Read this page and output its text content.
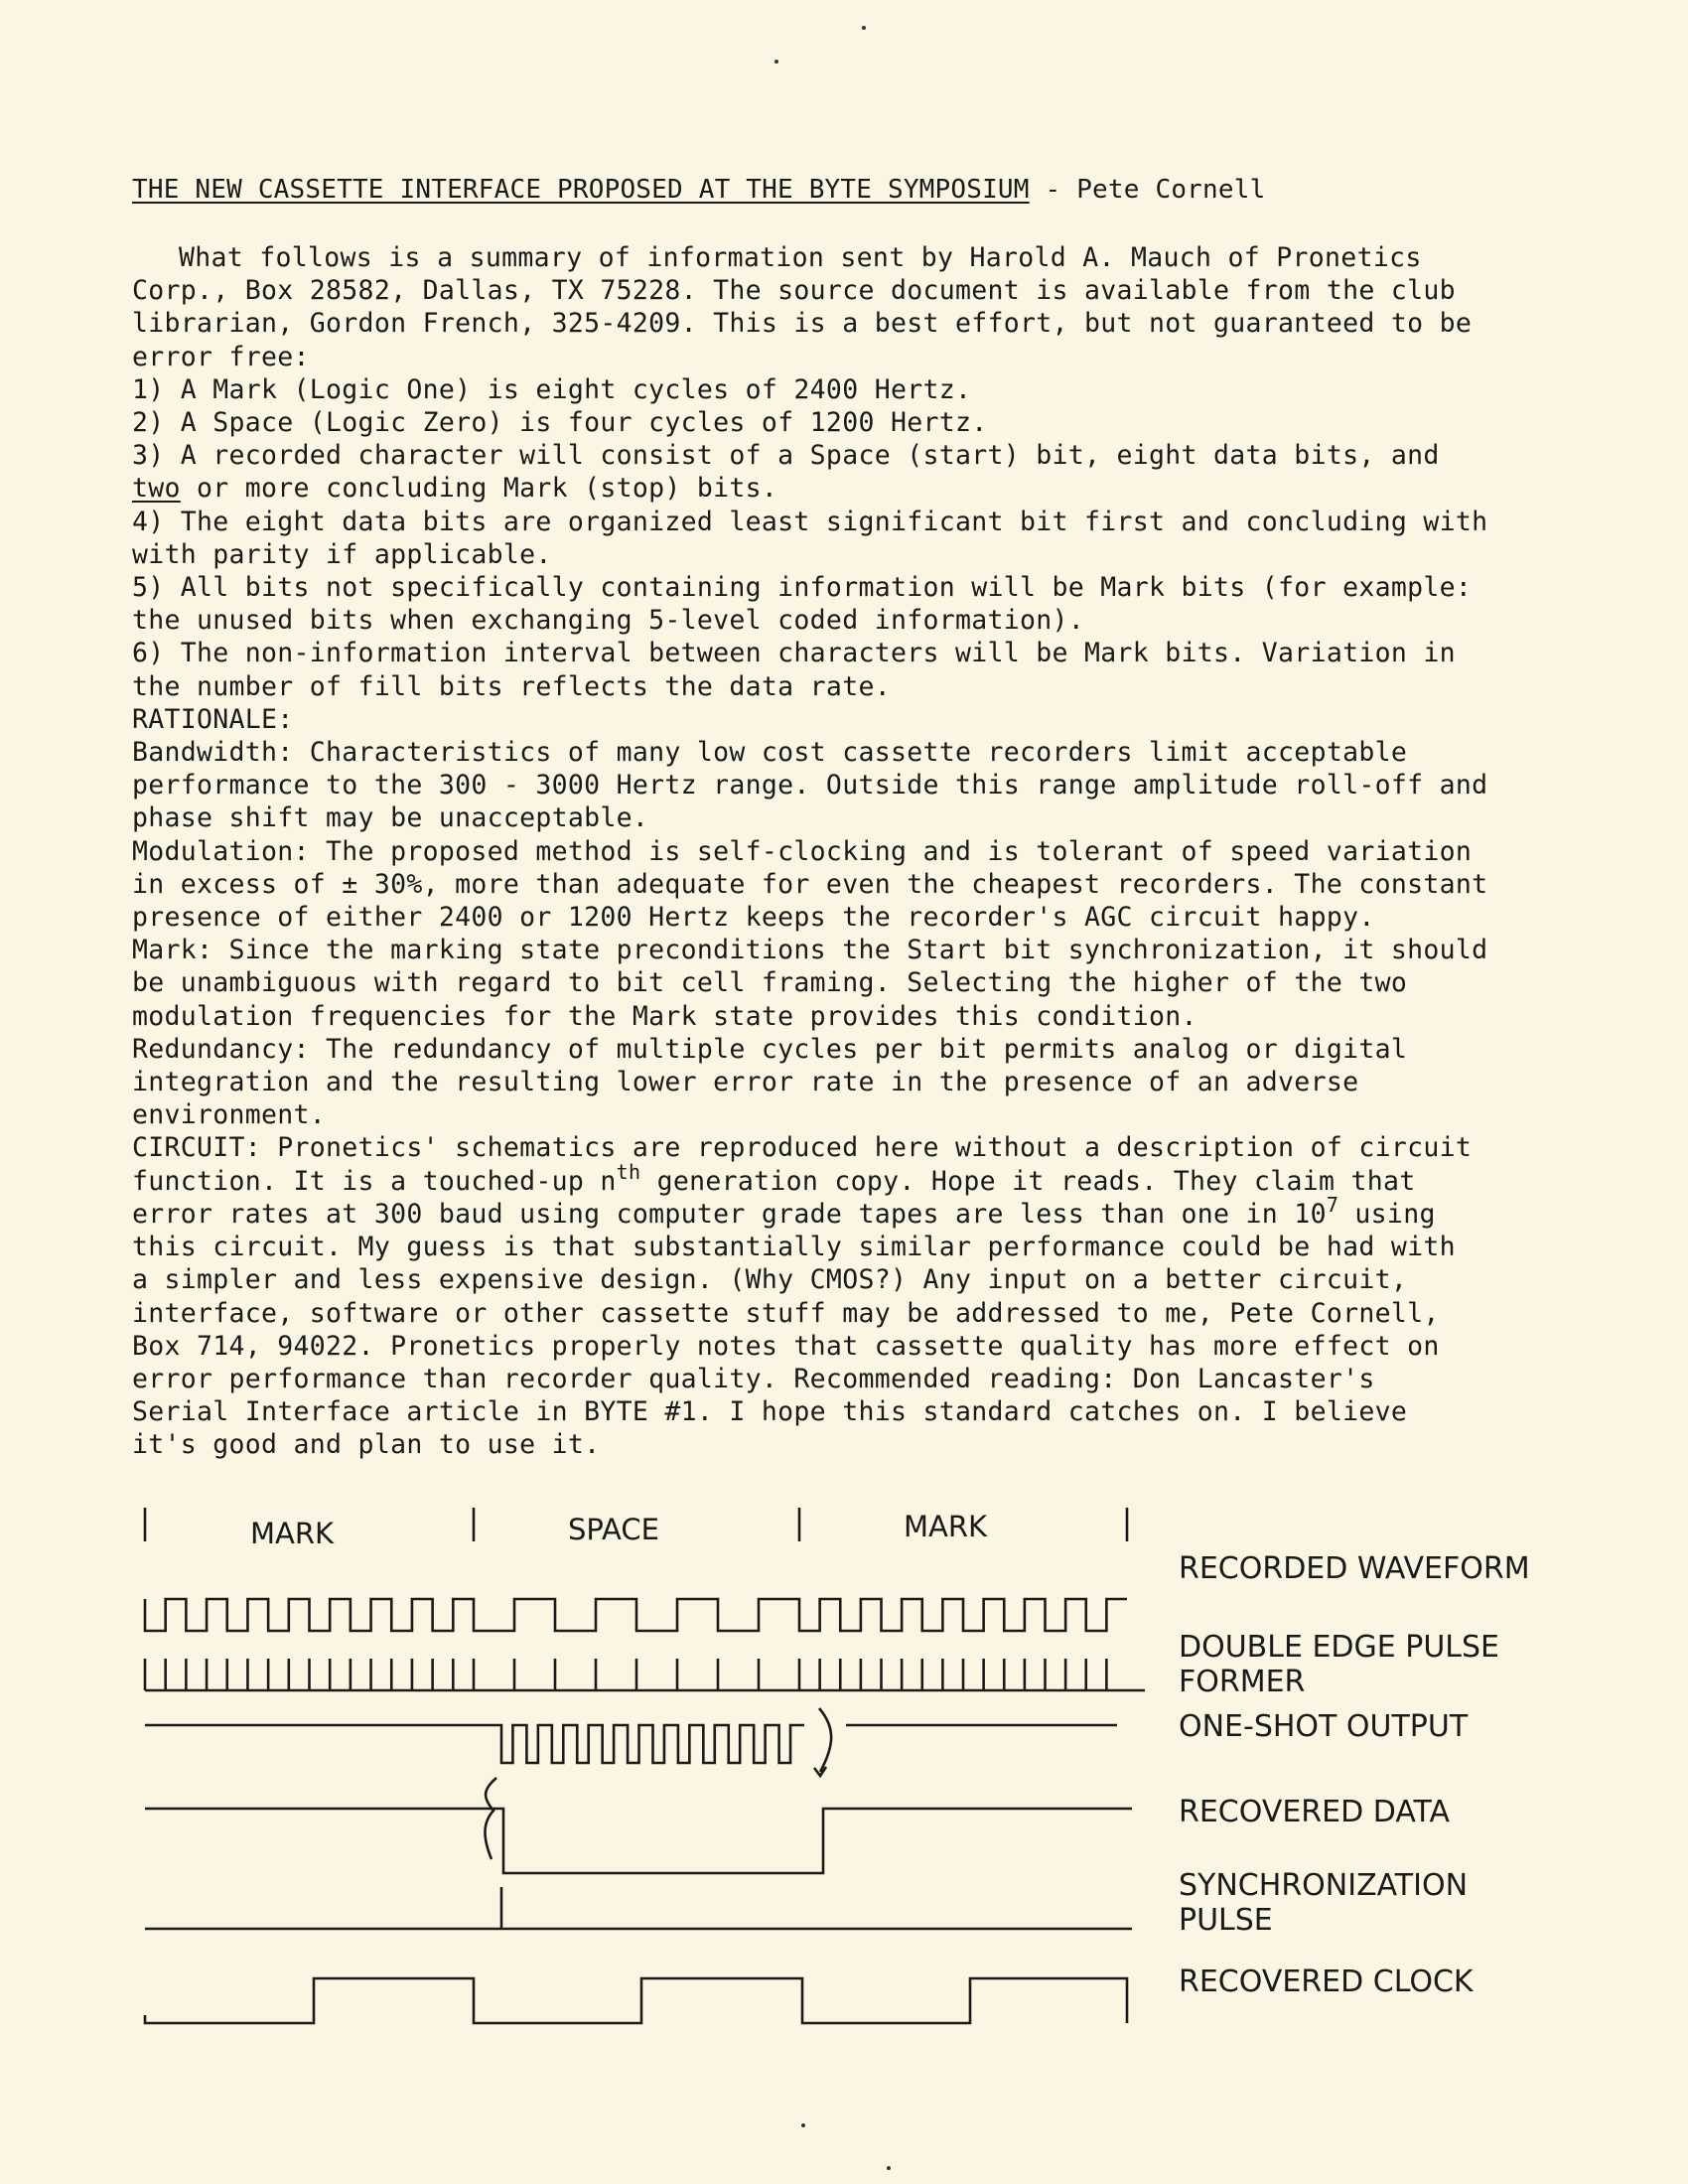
THE NEW CASSETTE INTERFACE PROPOSED AT THE BYTE SYMPOSIUM - Pete Cornell

What follows is a summary of information sent by Harold A. Mauch of Pronetics

Corp., Box 28582, Dallas, TX 75228. The source document is available from the club

librarian, Gordon French, 325-4209. This is a best effort, but not guaranteed to be

error free:

1) A Mark (Logic One) is eight cycles of 2400 Hertz.

2) A Space (Logic Zero) is four cycles of 1200 Hertz.

3) A recorded character will consist of a Space (start) bit, eight data bits, and

two or more concluding Mark (stop) bits.

4) The eight data bits are organized least significant bit first and concluding with

with parity if applicable.

5) All bits not specifically containing information will be Mark bits (for example:

the unused bits when exchanging 5-level coded information).

6) The non-information interval between characters will be Mark bits. Variation in

the number of fill bits reflects the data rate.

RATIONALE:

Bandwidth: Characteristics of many low cost cassette recorders limit acceptable

performance to the 300 - 3000 Hertz range. Outside this range amplitude roll-off and

phase shift may be unacceptable.

Modulation: The proposed method is self-clocking and is tolerant of speed variation

in excess of ± 30%, more than adequate for even the cheapest recorders. The constant

presence of either 2400 or 1200 Hertz keeps the recorder's AGC circuit happy.

Mark: Since the marking state preconditions the Start bit synchronization, it should

be unambiguous with regard to bit cell framing. Selecting the higher of the two

modulation frequencies for the Mark state provides this condition.

Redundancy: The redundancy of multiple cycles per bit permits analog or digital

integration and the resulting lower error rate in the presence of an adverse

environment.

CIRCUIT: Pronetics' schematics are reproduced here without a description of circuit

function. It is a touched-up $n^{th}$ generation copy. Hope it reads. They claim that

error rates at 300 baud using computer grade tapes are less than one in $10^7$ using

this circuit. My guess is that substantially similar performance could be had with

a simpler and less expensive design. (Why CMOS?) Any input on a better circuit,

interface, software or other cassette stuff may be addressed to me, Pete Cornell,

Box 714, 94022. Pronetics properly notes that cassette quality has more effect on

error performance than recorder quality. Recommended reading: Don Lancaster's

Serial Interface article in BYTE #1. I hope this standard catches on. I believe

it's good and plan to use it.

MARK	SPACE	MARK
RECORDED WAVEFORM
DOUBLE EDGE PULSE
FORMER
ONE-SHOT OUTPUT
RECOVERED DATA
SYNCHRONIZATION
PULSE
RECOVERED CLOCK
